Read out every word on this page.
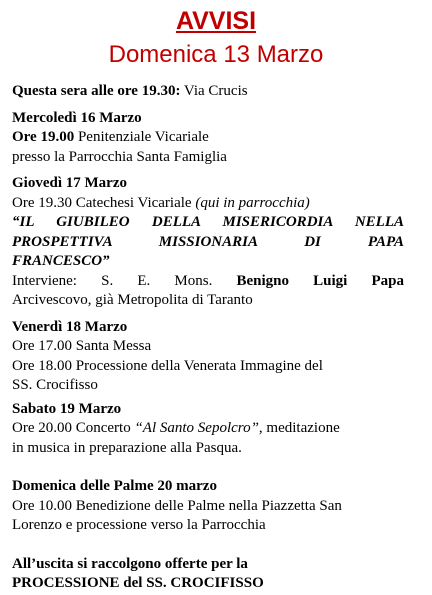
AVVISI
Domenica 13 Marzo
Questa sera alle ore 19.30: Via Crucis
Mercoledì 16 Marzo
Ore 19.00 Penitenziale Vicariale
presso la Parrocchia Santa Famiglia
Giovedì 17 Marzo
Ore 19.30 Catechesi Vicariale (qui in parrocchia)
“IL GIUBILEO DELLA MISERICORDIA NELLA
PROSPETTIVA MISSIONARIA DI PAPA
FRANCESCO”
Interviene: S. E. Mons. Benigno Luigi Papa
Arcivescovo, già Metropolita di Taranto
Venerdì 18 Marzo
Ore 17.00 Santa Messa
Ore 18.00 Processione della Venerata Immagine del
SS. Crocifisso
Sabato 19 Marzo
Ore 20.00 Concerto “Al Santo Sepolcro”, meditazione
in musica in preparazione alla Pasqua.
Domenica delle Palme 20 marzo
Ore 10.00 Benedizione delle Palme nella Piazzetta San
Lorenzo e processione verso la Parrocchia
All’uscita si raccolgono offerte per la
PROCESSIONE del SS. CROCIFISSO
